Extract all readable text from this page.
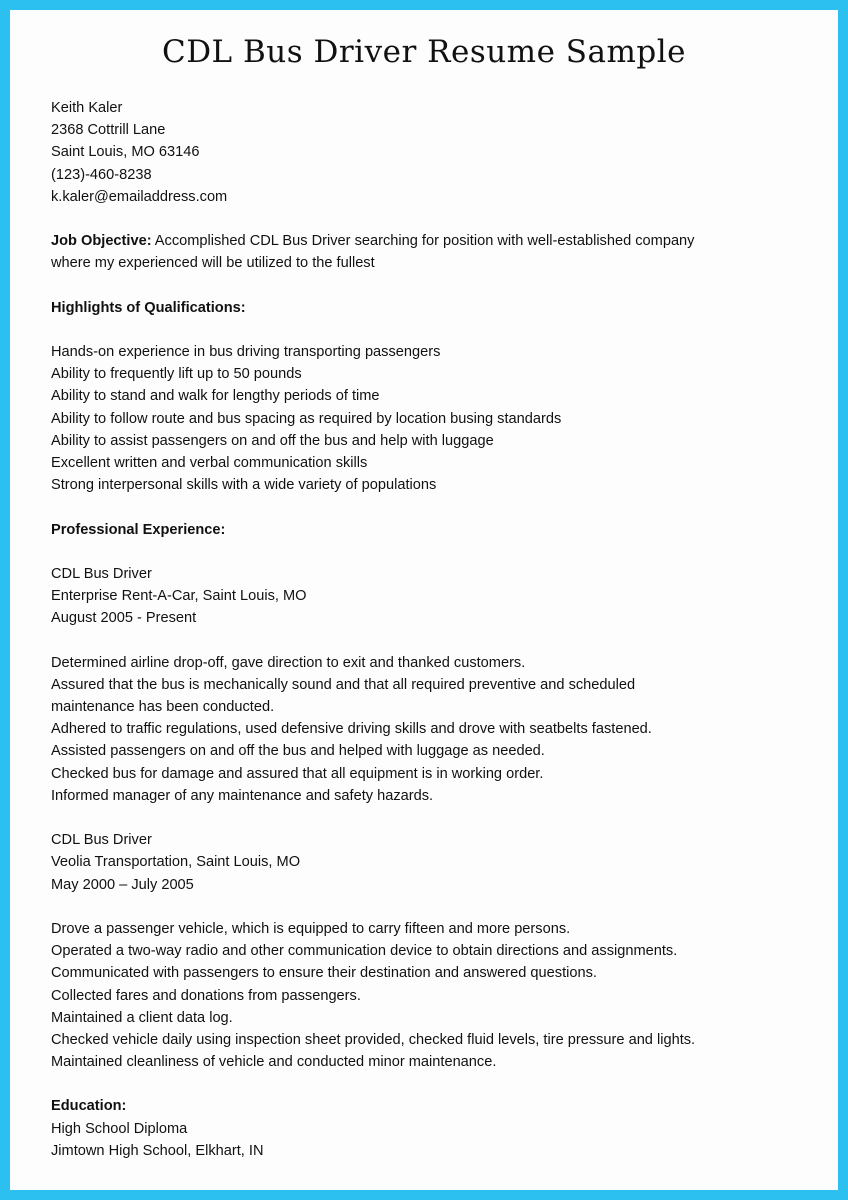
CDL Bus Driver Resume Sample
Keith Kaler
2368 Cottrill Lane
Saint Louis, MO 63146
(123)-460-8238
k.kaler@emailaddress.com
Job Objective: Accomplished CDL Bus Driver searching for position with well-established company
where my experienced will be utilized to the fullest
Highlights of Qualifications:
Hands-on experience in bus driving transporting passengers
Ability to frequently lift up to 50 pounds
Ability to stand and walk for lengthy periods of time
Ability to follow route and bus spacing as required by location busing standards
Ability to assist passengers on and off the bus and help with luggage
Excellent written and verbal communication skills
Strong interpersonal skills with a wide variety of populations
Professional Experience:
CDL Bus Driver
Enterprise Rent-A-Car, Saint Louis, MO
August 2005 - Present
Determined airline drop-off, gave direction to exit and thanked customers.
Assured that the bus is mechanically sound and that all required preventive and scheduled
maintenance has been conducted.
Adhered to traffic regulations, used defensive driving skills and drove with seatbelts fastened.
Assisted passengers on and off the bus and helped with luggage as needed.
Checked bus for damage and assured that all equipment is in working order.
Informed manager of any maintenance and safety hazards.
CDL Bus Driver
Veolia Transportation, Saint Louis, MO
May 2000 – July 2005
Drove a passenger vehicle, which is equipped to carry fifteen and more persons.
Operated a two-way radio and other communication device to obtain directions and assignments.
Communicated with passengers to ensure their destination and answered questions.
Collected fares and donations from passengers.
Maintained a client data log.
Checked vehicle daily using inspection sheet provided, checked fluid levels, tire pressure and lights.
Maintained cleanliness of vehicle and conducted minor maintenance.
Education:
High School Diploma
Jimtown High School, Elkhart, IN
